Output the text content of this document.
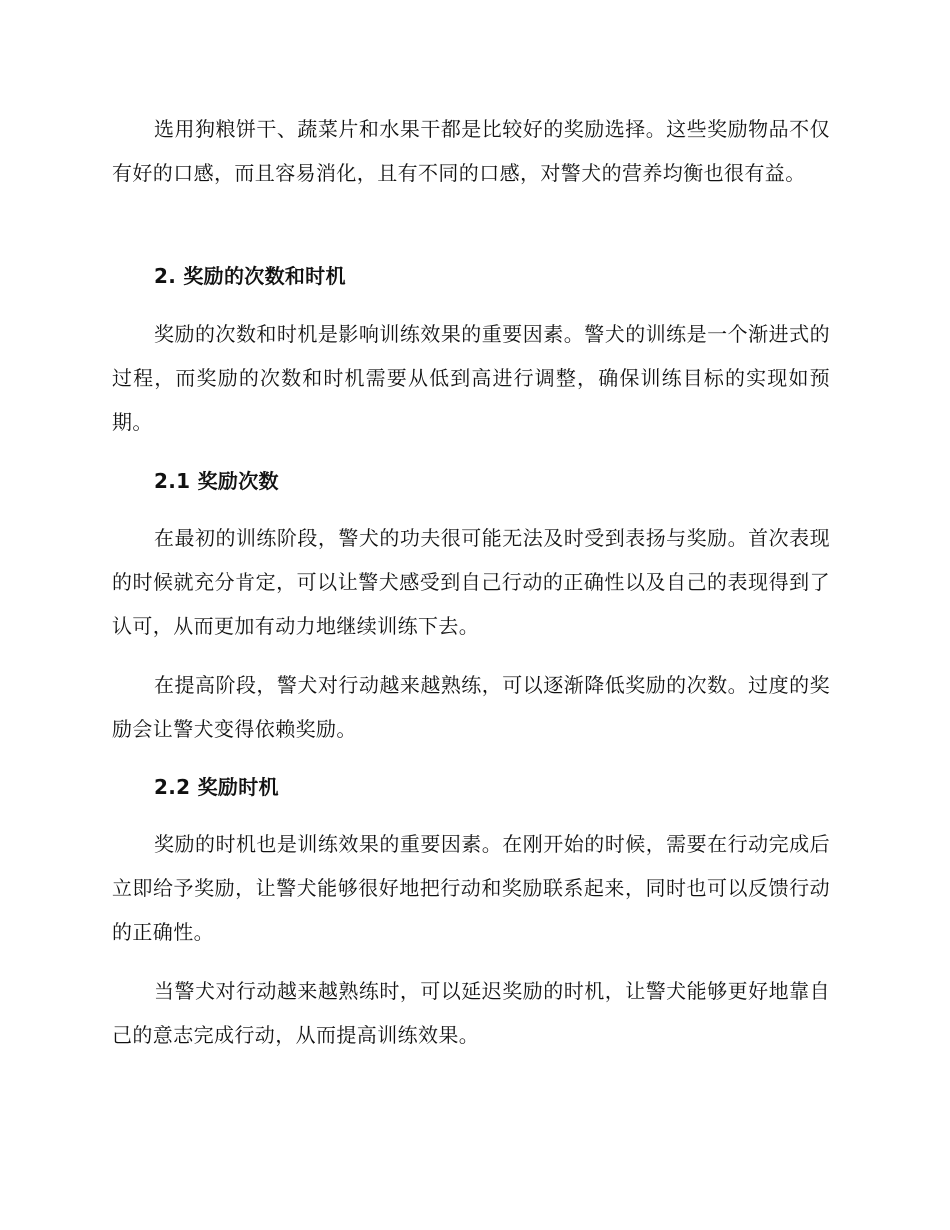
选用狗粮饼干、蔬菜片和水果干都是比较好的奖励选择。这些奖励物品不仅有好的口感，而且容易消化，且有不同的口感，对警犬的营养均衡也很有益。

2. 奖励的次数和时机

奖励的次数和时机是影响训练效果的重要因素。警犬的训练是一个渐进式的过程，而奖励的次数和时机需要从低到高进行调整，确保训练目标的实现如预期。

2.1 奖励次数

在最初的训练阶段，警犬的功夫很可能无法及时受到表扬与奖励。首次表现的时候就充分肯定，可以让警犬感受到自己行动的正确性以及自己的表现得到了认可，从而更加有动力地继续训练下去。

在提高阶段，警犬对行动越来越熟练，可以逐渐降低奖励的次数。过度的奖励会让警犬变得依赖奖励。

2.2 奖励时机

奖励的时机也是训练效果的重要因素。在刚开始的时候，需要在行动完成后立即给予奖励，让警犬能够很好地把行动和奖励联系起来，同时也可以反馈行动的正确性。

当警犬对行动越来越熟练时，可以延迟奖励的时机，让警犬能够更好地靠自己的意志完成行动，从而提高训练效果。
